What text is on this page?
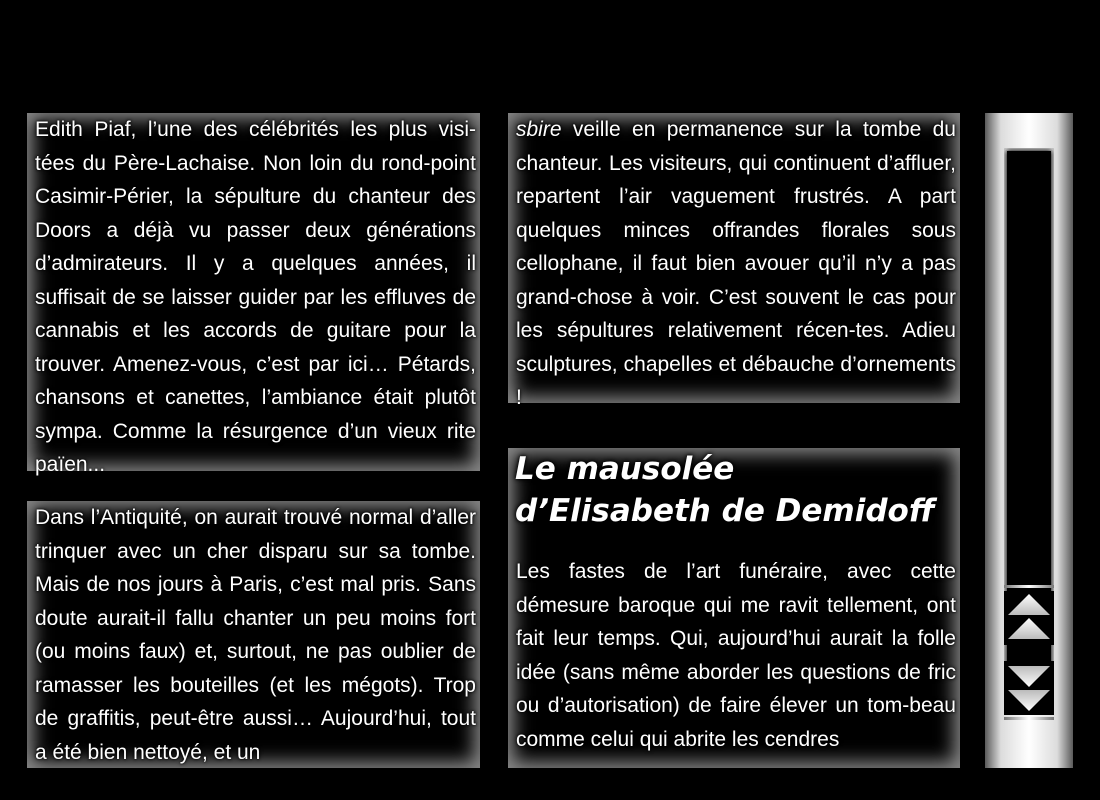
Edith Piaf, l’une des célébrités les plus visi-tées du Père-Lachaise. Non loin du rond-point Casimir-Périer, la sépulture du chanteur des Doors a déjà vu passer deux générations d’admirateurs. Il y a quelques années, il suffisait de se laisser guider par les effluves de cannabis et les accords de guitare pour la trouver. Amenez-vous, c’est par ici… Pétards, chansons et canettes, l’ambiance était plutôt sympa. Comme la résurgence d’un vieux rite païen...

Dans l’Antiquité, on aurait trouvé normal d’aller trinquer avec un cher disparu sur sa tombe. Mais de nos jours à Paris, c’est mal pris. Sans doute aurait-il fallu chanter un peu moins fort (ou moins faux) et, surtout, ne pas oublier de ramasser les bouteilles (et les mégots). Trop de graffitis, peut-être aussi… Aujourd’hui, tout a été bien nettoyé, et un

sbire veille en permanence sur la tombe du chanteur. Les visiteurs, qui continuent d’affluer, repartent l’air vaguement frustrés. A part quelques minces offrandes florales sous cellophane, il faut bien avouer qu’il n’y a pas grand-chose à voir. C’est souvent le cas pour les sépultures relativement récen-tes. Adieu sculptures, chapelles et débauche d’ornements !

Le mausolée
d’Elisabeth de Demidoff

Les fastes de l’art funéraire, avec cette démesure baroque qui me ravit tellement, ont fait leur temps. Qui, aujourd’hui aurait la folle idée (sans même aborder les questions de fric ou d’autorisation) de faire élever un tom-beau comme celui qui abrite les cendres
